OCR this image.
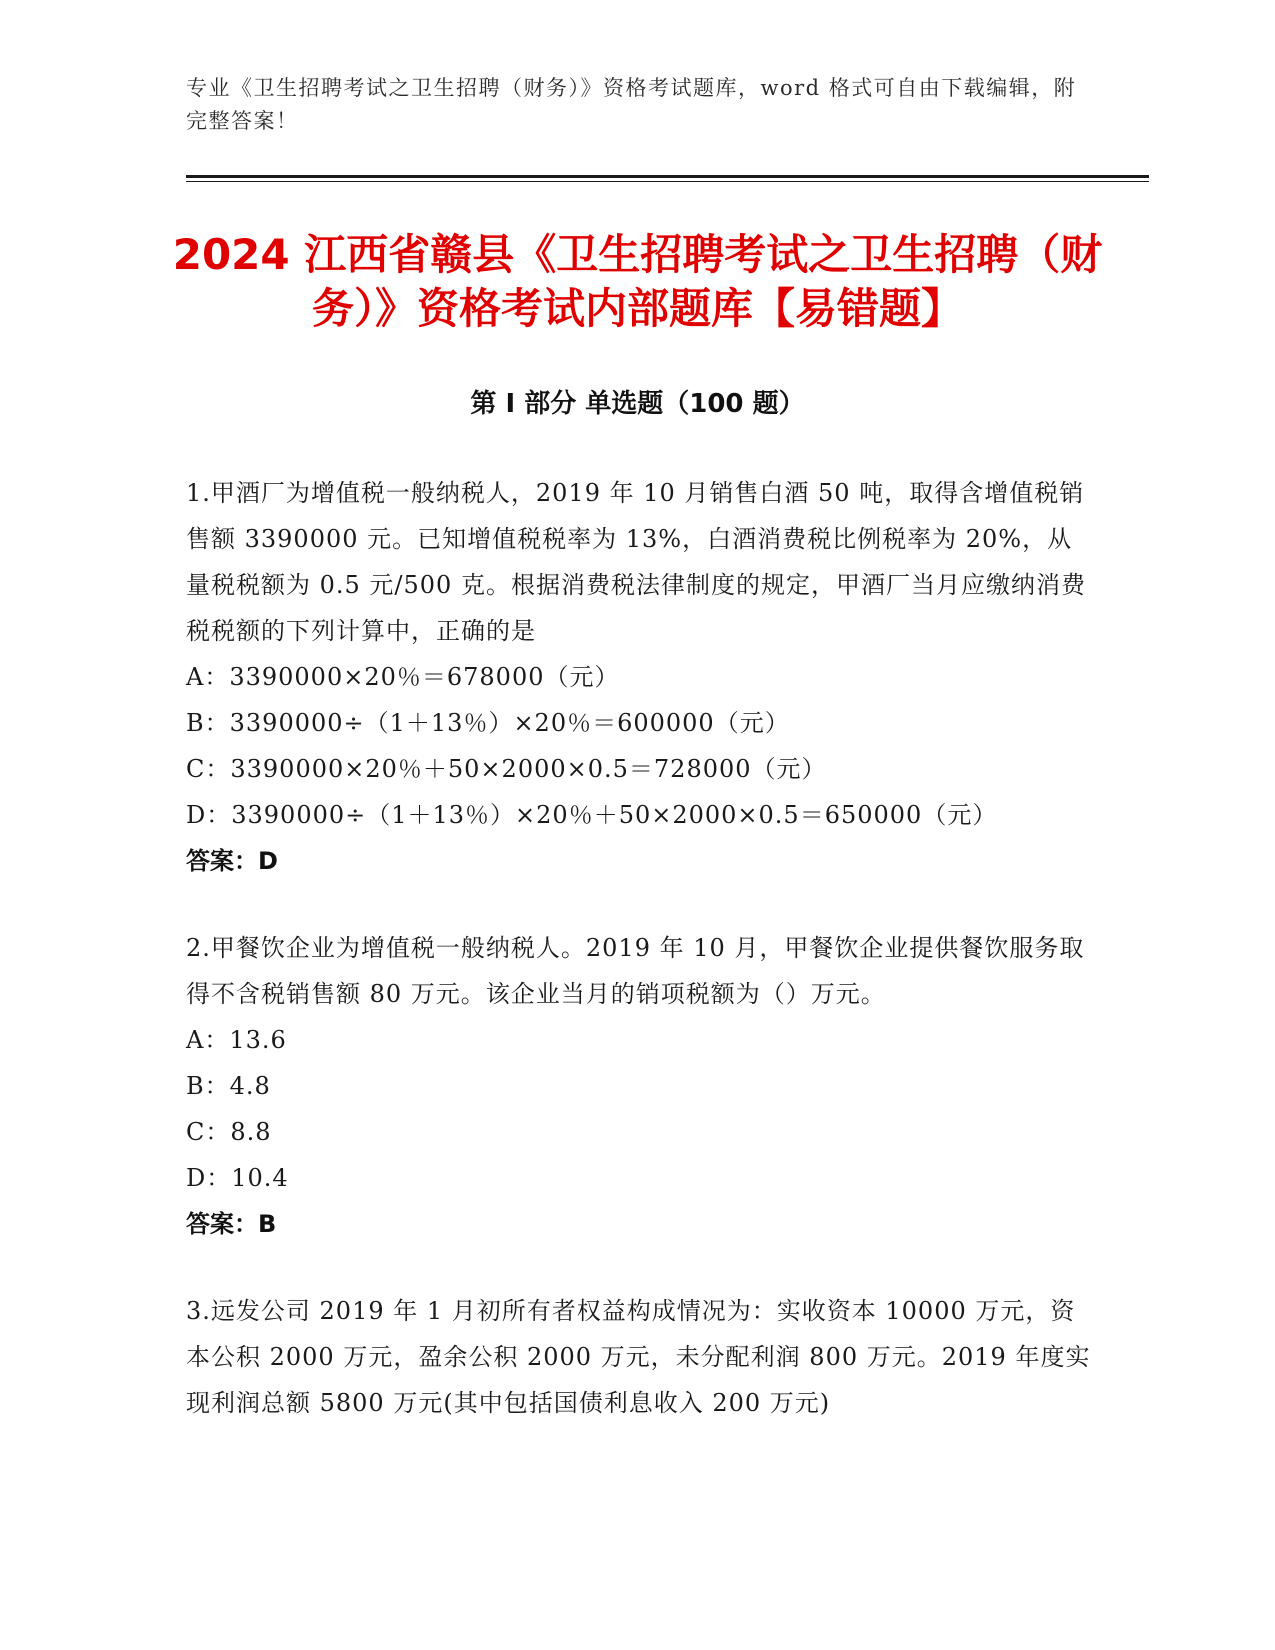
专业《卫生招聘考试之卫生招聘（财务）》资格考试题库，word 格式可自由下载编辑，附完整答案！
2024 江西省赣县《卫生招聘考试之卫生招聘（财务）》资格考试内部题库【易错题】
第 I 部分 单选题（100 题）

1.甲酒厂为增值税一般纳税人，2019 年 10 月销售白酒 50 吨，取得含增值税销售额 3390000 元。已知增值税税率为 13%，白酒消费税比例税率为 20%，从量税税额为 0.5 元/500 克。根据消费税法律制度的规定，甲酒厂当月应缴纳消费税税额的下列计算中，正确的是

A：3390000×20％＝678000（元）

B：3390000÷（1＋13％）×20％＝600000（元）

C：3390000×20％＋50×2000×0.5＝728000（元）

D：3390000÷（1＋13％）×20％＋50×2000×0.5＝650000（元）

答案：D

2.甲餐饮企业为增值税一般纳税人。2019 年 10 月，甲餐饮企业提供餐饮服务取得不含税销售额 80 万元。该企业当月的销项税额为（）万元。

A：13.6

B：4.8

C：8.8

D：10.4

答案：B

3.远发公司 2019 年 1 月初所有者权益构成情况为：实收资本 10000 万元，资本公积 2000 万元，盈余公积 2000 万元，未分配利润 800 万元。2019 年度实现利润总额 5800 万元(其中包括国债利息收入 200 万元)
